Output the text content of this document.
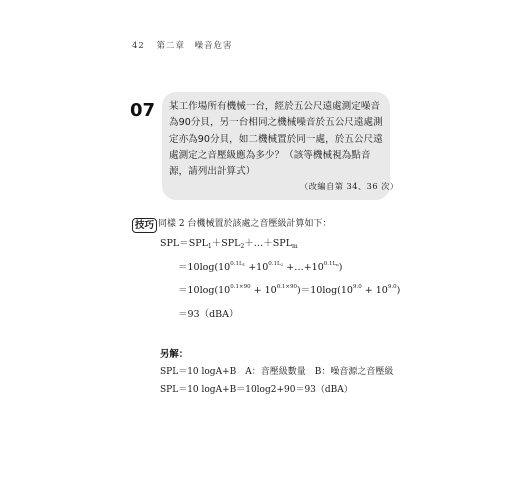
42 第二章　噪音危害
07 某工作場所有機械一台，經於五公尺遠處測定噪音為90分貝，另一台相同之機械噪音於五公尺遠處測定亦為90分貝，如二機械置於同一處，於五公尺遠處測定之音壓級應為多少？（該等機械視為點音源，請列出計算式）

（改編自第 34、36 次）
技巧 同樣 2 台機械置於該處之音壓級計算如下：
$SPL=SPL_1+SPL_2+\dots+SPL_m$
$=10\log(10^{0.1L_1} +10^{0.1L_2}$ $+\dots+10^{0.1L_n}$)
$=10\log(10^{0.1\times 90} + 10^{0.1\times 90})=10\log(10^{9.0} + 10^{9.0})$
＝93（dBA）
另解：
SPL＝10 logA+B　A：音壓級數量　B：噪音源之音壓級
SPL＝10 logA+B＝10log2+90＝93（dBA）
